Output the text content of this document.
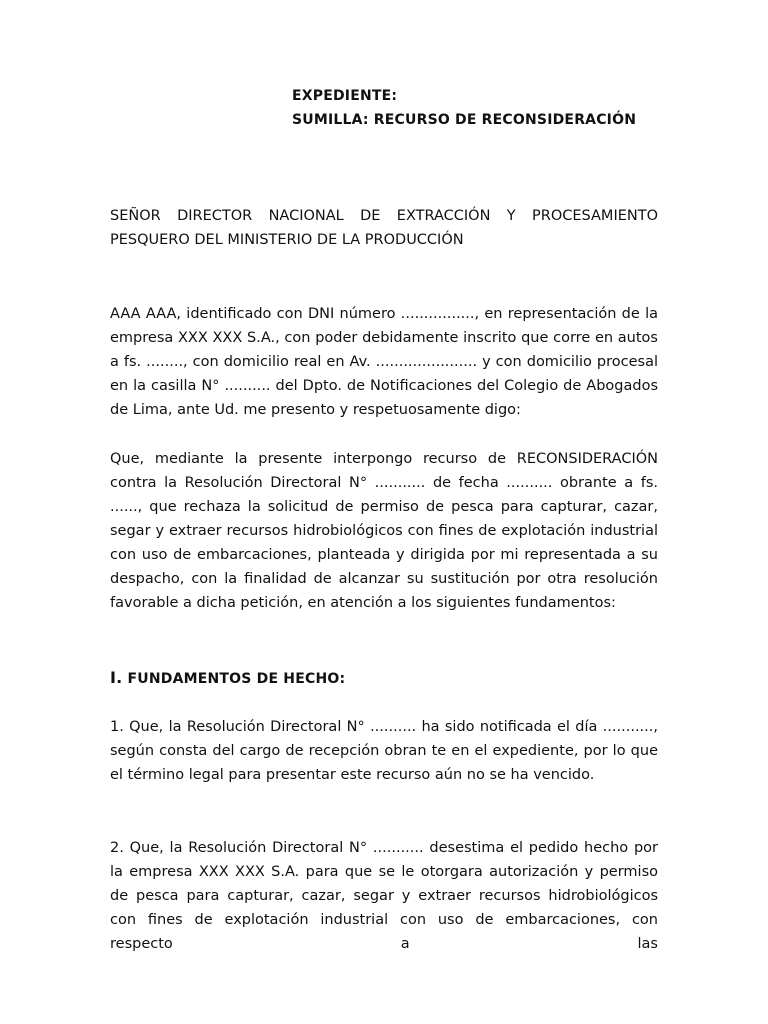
EXPEDIENTE:
SUMILLA: RECURSO DE RECONSIDERACIÓN

SEÑOR DIRECTOR NACIONAL DE EXTRACCIÓN Y PROCESAMIENTO PESQUERO DEL MINISTERIO DE LA PRODUCCIÓN

AAA AAA, identificado con DNI número ................, en representación de la empresa XXX XXX S.A., con poder debidamente inscrito que corre en autos a fs. ........, con domicilio real en Av. ...................... y con domicilio procesal en la casilla N° .......... del Dpto. de Notificaciones del Colegio de Abogados de Lima, ante Ud. me presento y respetuosamente digo:

Que, mediante la presente interpongo recurso de RECONSIDERACIÓN contra la Resolución Directoral N° ........... de fecha .......... obrante a fs. ......, que rechaza la solicitud de permiso de pesca para capturar, cazar, segar y extraer recursos hidrobiológicos con fines de explotación industrial con uso de embarcaciones, planteada y dirigida por mi representada a su despacho, con la finalidad de alcanzar su sustitución por otra resolución favorable a dicha petición, en atención a los siguientes fundamentos:

I. FUNDAMENTOS DE HECHO:

1. Que, la Resolución Directoral N° .......... ha sido notificada el día ..........., según consta del cargo de recepción obran te en el expediente, por lo que el término legal para presentar este recurso aún no se ha vencido.

2. Que, la Resolución Directoral N° ........... desestima el pedido hecho por la empresa XXX XXX S.A. para que se le otorgara autorización y permiso de pesca para capturar, cazar, segar y extraer recursos hidrobiológicos con fines de explotación industrial con uso de embarcaciones, con respecto a las
